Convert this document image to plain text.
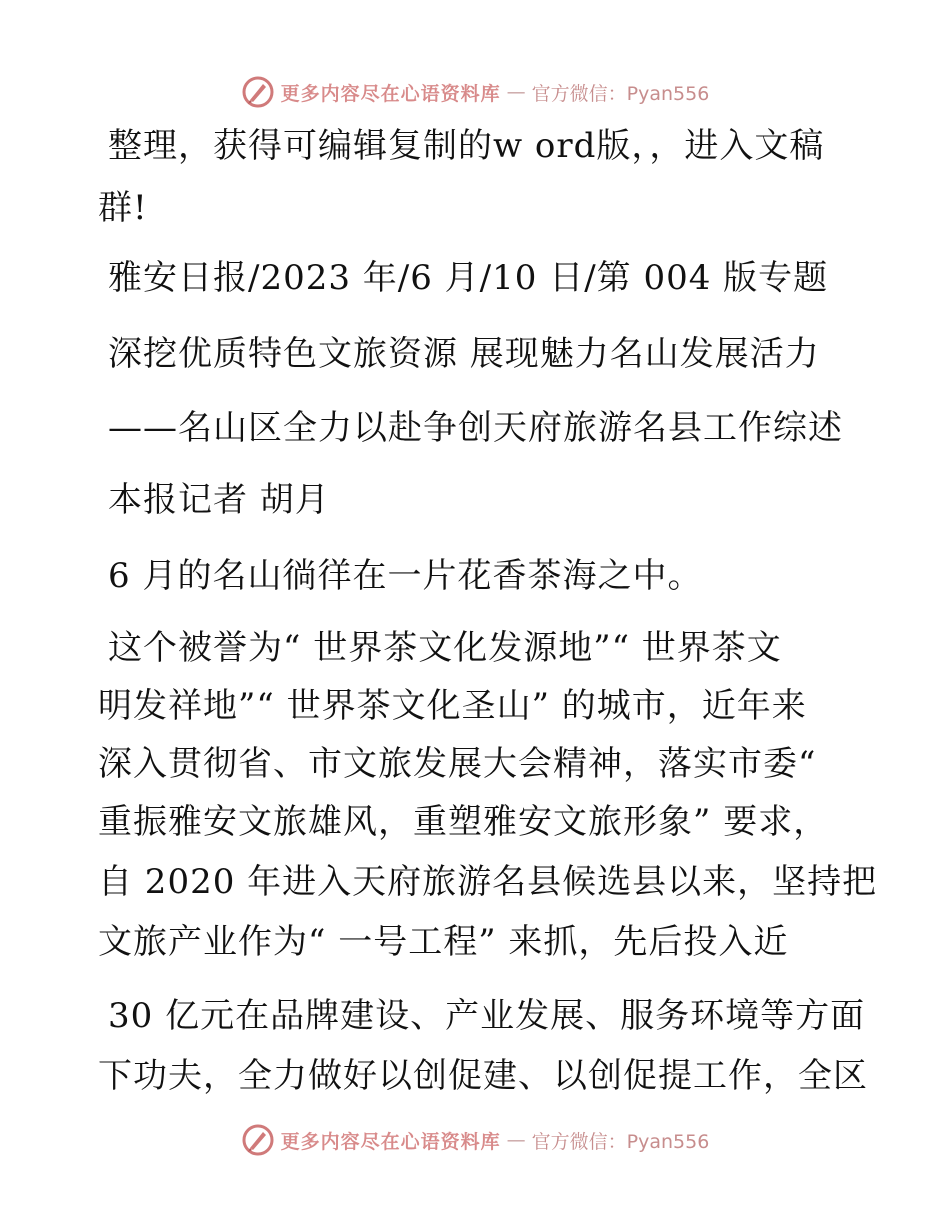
更多内容尽在心语资料库 — 官方微信：Pyan556
整理，获得可编辑复制的w ord版，，进入文稿
群!
雅安日报/2023 年/6 月/10 日/第 004 版专题
深挖优质特色文旅资源 展现魅力名山发展活力
——名山区全力以赴争创天府旅游名县工作综述
本报记者 胡月
6 月的名山徜徉在一片花香茶海之中。
这个被誉为“ 世界茶文化发源地”“ 世界茶文
明发祥地”“ 世界茶文化圣山” 的城市，近年来
深入贯彻省、市文旅发展大会精神，落实市委“
重振雅安文旅雄风，重塑雅安文旅形象” 要求，
自 2020 年进入天府旅游名县候选县以来，坚持把
文旅产业作为“ 一号工程” 来抓，先后投入近
30 亿元在品牌建设、产业发展、服务环境等方面
下功夫，全力做好以创促建、以创促提工作，全区
更多内容尽在心语资料库 — 官方微信：Pyan556
